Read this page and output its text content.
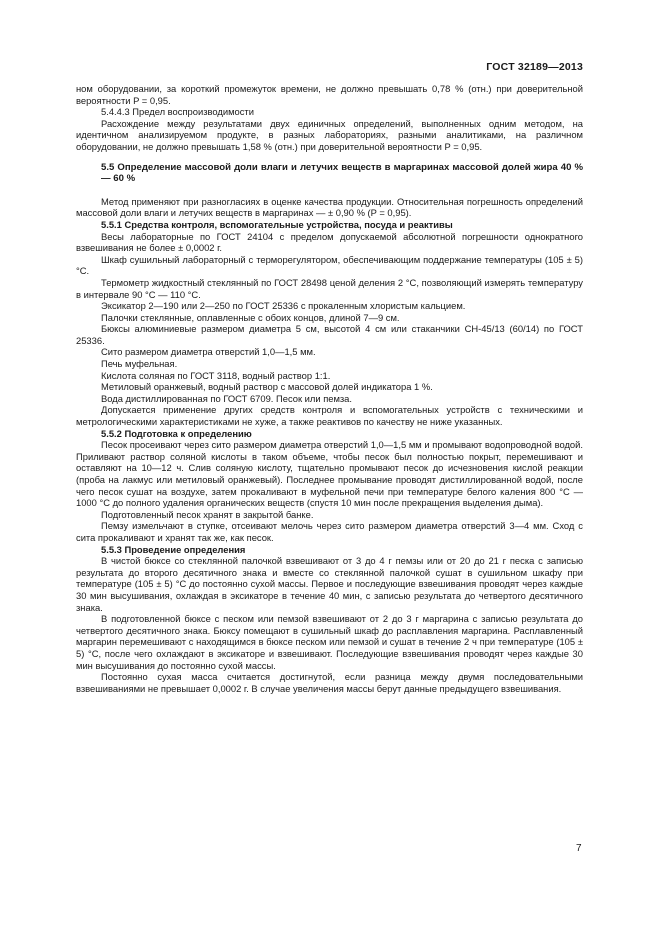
ГОСТ 32189—2013

ном оборудовании, за короткий промежуток времени, не должно превышать 0,78 % (отн.) при доверительной вероятности P = 0,95.

5.4.4.3 Предел воспроизводимости

Расхождение между результатами двух единичных определений, выполненных одним методом, на идентичном анализируемом продукте, в разных лабораториях, разными аналитиками, на различном оборудовании, не должно превышать 1,58 % (отн.) при доверительной вероятности P = 0,95.

5.5 Определение массовой доли влаги и летучих веществ в маргаринах массовой долей жира 40 % — 60 %

Метод применяют при разногласиях в оценке качества продукции. Относительная погрешность определений массовой доли влаги и летучих веществ в маргаринах — ± 0,90 % (P = 0,95).

5.5.1 Средства контроля, вспомогательные устройства, посуда и реактивы

Весы лабораторные по ГОСТ 24104 с пределом допускаемой абсолютной погрешности однократного взвешивания не более ± 0,0002 г.

Шкаф сушильный лабораторный с терморегулятором, обеспечивающим поддержание температуры (105 ± 5) °С.

Термометр жидкостный стеклянный по ГОСТ 28498 ценой деления 2 °С, позволяющий измерять температуру в интервале 90 °С — 110 °С.

Эксикатор 2—190 или 2—250 по ГОСТ 25336 с прокаленным хлористым кальцием.

Палочки стеклянные, оплавленные с обоих концов, длиной 7—9 см.

Бюксы алюминиевые размером диаметра 5 см, высотой 4 см или стаканчики СН-45/13 (60/14) по ГОСТ 25336.

Сито размером диаметра отверстий 1,0—1,5 мм.

Печь муфельная.

Кислота соляная по ГОСТ 3118, водный раствор 1:1.

Метиловый оранжевый, водный раствор с массовой долей индикатора 1 %.

Вода дистиллированная по ГОСТ 6709. Песок или пемза.

Допускается применение других средств контроля и вспомогательных устройств с техническими и метрологическими характеристиками не хуже, а также реактивов по качеству не ниже указанных.

5.5.2 Подготовка к определению

Песок просеивают через сито размером диаметра отверстий 1,0—1,5 мм и промывают водопроводной водой. Приливают раствор соляной кислоты в таком объеме, чтобы песок был полностью покрыт, перемешивают и оставляют на 10—12 ч. Слив соляную кислоту, тщательно промывают песок до исчезновения кислой реакции (проба на лакмус или метиловый оранжевый). Последнее промывание проводят дистиллированной водой, после чего песок сушат на воздухе, затем прокаливают в муфельной печи при температуре белого каления 800 °С — 1000 °С до полного удаления органических веществ (спустя 10 мин после прекращения выделения дыма).

Подготовленный песок хранят в закрытой банке.

Пемзу измельчают в ступке, отсеивают мелочь через сито размером диаметра отверстий 3—4 мм. Сход с сита прокаливают и хранят так же, как песок.

5.5.3 Проведение определения

В чистой бюксе со стеклянной палочкой взвешивают от 3 до 4 г пемзы или от 20 до 21 г песка с записью результата до второго десятичного знака и вместе со стеклянной палочкой сушат в сушильном шкафу при температуре (105 ± 5) °С до постоянно сухой массы. Первое и последующие взвешивания проводят через каждые 30 мин высушивания, охлаждая в эксикаторе в течение 40 мин, с записью результата до четвертого десятичного знака.

В подготовленной бюксе с песком или пемзой взвешивают от 2 до 3 г маргарина с записью результата до четвертого десятичного знака. Бюксу помещают в сушильный шкаф до расплавления маргарина. Расплавленный маргарин перемешивают с находящимся в бюксе песком или пемзой и сушат в течение 2 ч при температуре (105 ± 5) °С, после чего охлаждают в эксикаторе и взвешивают. Последующие взвешивания проводят через каждые 30 мин высушивания до постоянно сухой массы.

Постоянно сухая масса считается достигнутой, если разница между двумя последовательными взвешиваниями не превышает 0,0002 г. В случае увеличения массы берут данные предыдущего взвешивания.

7
